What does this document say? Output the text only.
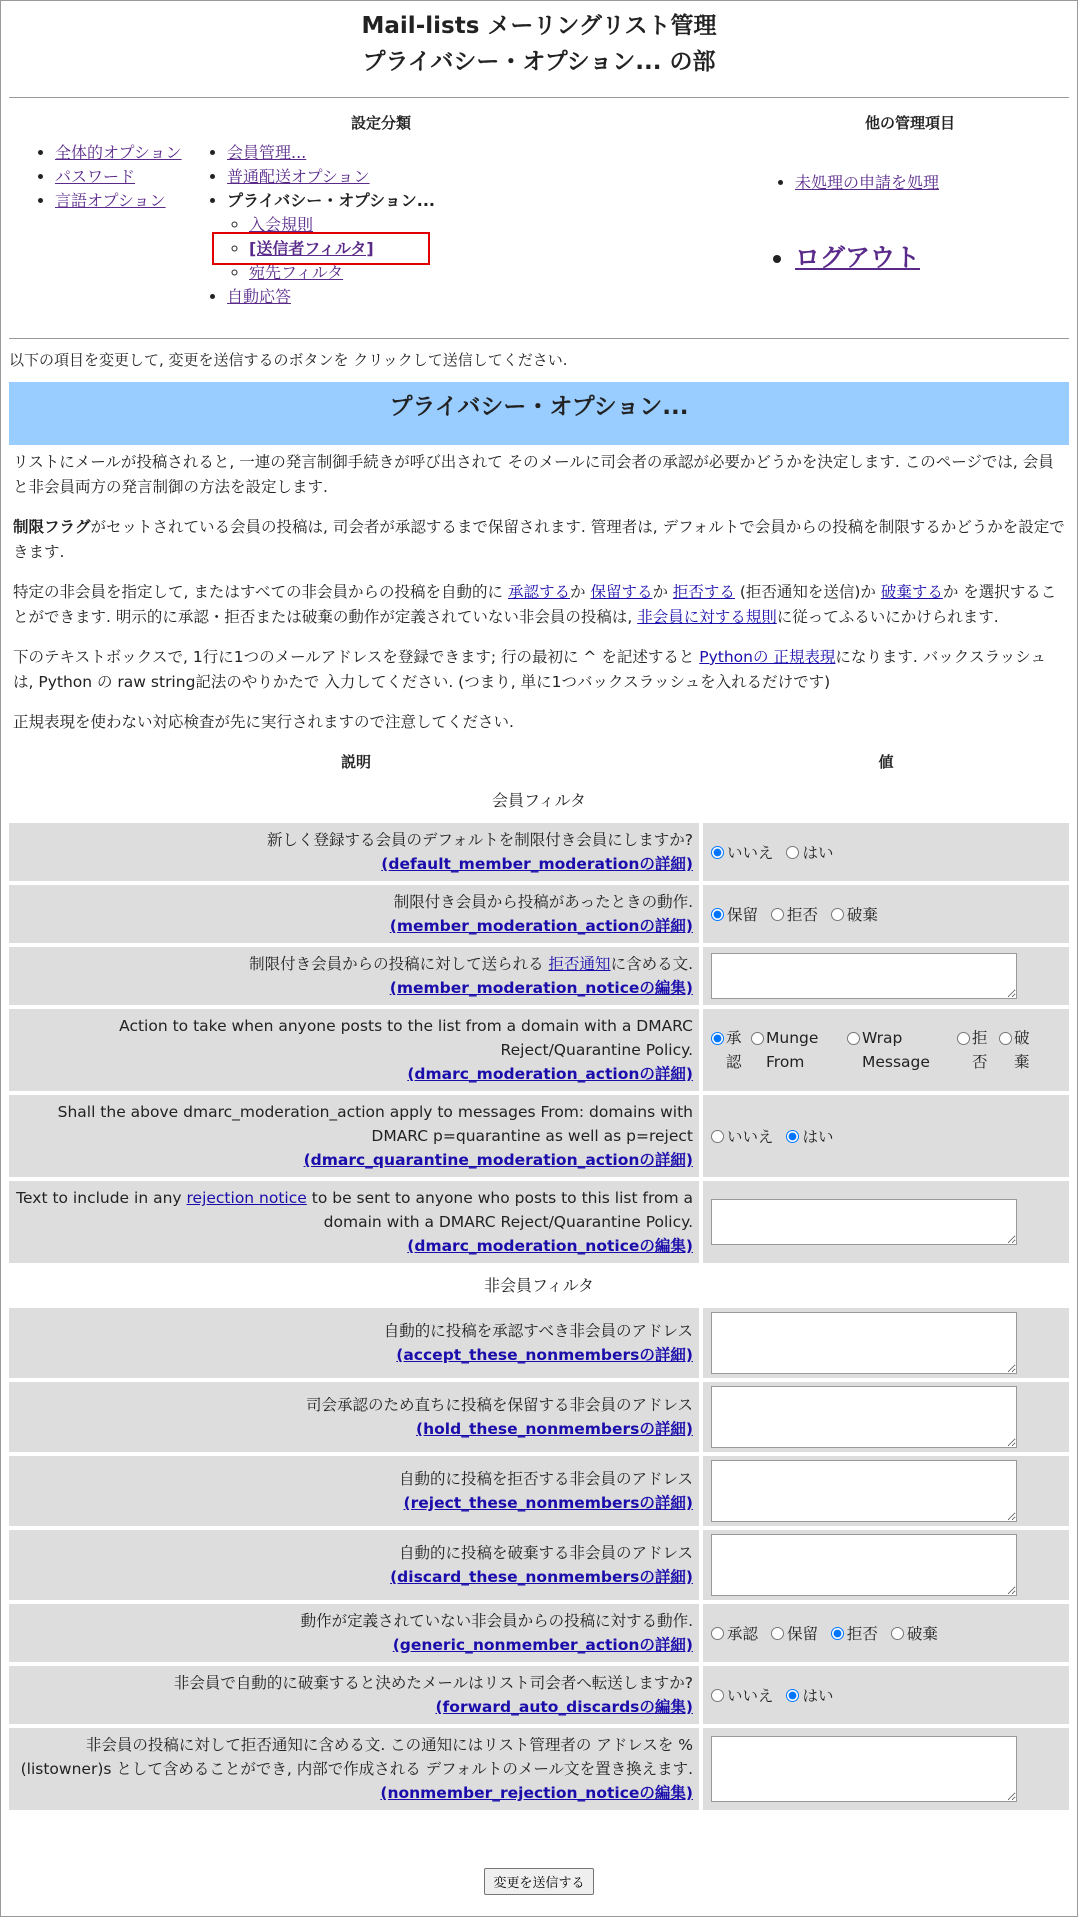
Mail-lists メーリングリスト管理
プライバシー・オプション... の部
設定分類	他の管理項目
• 全体的オプション
• パスワード
• 言語オプション
• 会員管理...
• 普通配送オプション
• プライバシー・オプション...
◦ 入会規則
◦ [送信者フィルタ]
◦ 宛先フィルタ
• 自動応答
• 未処理の申請を処理
• ログアウト
以下の項目を変更して, 変更を送信するのボタンを クリックして送信してください.
プライバシー・オプション...

リストにメールが投稿されると, 一連の発言制御手続きが呼び出されて そのメールに司会者の承認が必要かどうかを決定します. このページでは, 会員と非会員両方の発言制御の方法を設定します.

制限フラグがセットされている会員の投稿は, 司会者が承認するまで保留されます. 管理者は, デフォルトで会員からの投稿を制限するかどうかを設定できます.

特定の非会員を指定して, またはすべての非会員からの投稿を自動的に 承認するか 保留するか 拒否する (拒否通知を送信)か 破棄するか を選択することができます. 明示的に承認・拒否または破棄の動作が定義されていない非会員の投稿は, 非会員に対する規則に従ってふるいにかけられます.

下のテキストボックスで, 1行に1つのメールアドレスを登録できます; 行の最初に ^ を記述すると Pythonの 正規表現になります. バックスラッシュは, Python の raw string記法のやりかたで 入力してください. (つまり, 単に1つバックスラッシュを入れるだけです)

正規表現を使わない対応検査が先に実行されますので注意してください.

説明	値
会員フィルタ	

新しく登録する会員のデフォルトを制限付き会員にしますか?
(default_member_moderationの詳細)	いいえ
はい

制限付き会員から投稿があったときの動作.
(member_moderation_actionの詳細)	保留
拒否
破棄

制限付き会員からの投稿に対して送られる 拒否通知に含める文.
(member_moderation_noticeの編集)	

Action to take when anyone posts to the list from a domain with a DMARC Reject/Quarantine Policy.
(dmarc_moderation_actionの詳細)	承認
Munge From
Wrap Message
拒否
破棄

Shall the above dmarc_moderation_action apply to messages From: domains with DMARC p=quarantine as well as p=reject
(dmarc_quarantine_moderation_actionの詳細)	いいえ
はい

Text to include in any rejection notice to be sent to anyone who posts to this list from a domain with a DMARC Reject/Quarantine Policy.
(dmarc_moderation_noticeの編集)	

非会員フィルタ	

自動的に投稿を承認すべき非会員のアドレス
(accept_these_nonmembersの詳細)	

司会承認のため直ちに投稿を保留する非会員のアドレス
(hold_these_nonmembersの詳細)	

自動的に投稿を拒否する非会員のアドレス
(reject_these_nonmembersの詳細)	

自動的に投稿を破棄する非会員のアドレス
(discard_these_nonmembersの詳細)	

動作が定義されていない非会員からの投稿に対する動作.
(generic_nonmember_actionの詳細)	承認
保留
拒否
破棄

非会員で自動的に破棄すると決めたメールはリスト司会者へ転送しますか?
(forward_auto_discardsの編集)	いいえ
はい

非会員の投稿に対して拒否通知に含める文. この通知にはリスト管理者の アドレスを %(listowner)s として含めることができ, 内部で作成される デフォルトのメール文を置き換えます.
(nonmember_rejection_noticeの編集)	
変更を送信する
